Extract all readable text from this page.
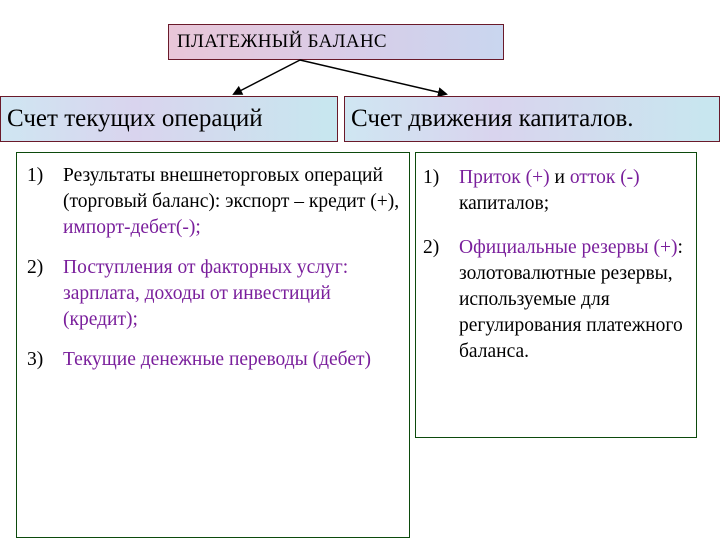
ПЛАТЕЖНЫЙ БАЛАНС
Счет текущих операций	Счет движения капиталов.
1) Результаты внешнеторговых операций (торговый баланс): экспорт – кредит (+), импорт-дебет(-);
2) Поступления от факторных услуг: зарплата, доходы от инвестиций (кредит);
3) Текущие денежные переводы (дебет)
1) Приток (+) и отток (-) капиталов;
2) Официальные резервы (+): золотовалютные резервы, используемые для регулирования платежного баланса.
